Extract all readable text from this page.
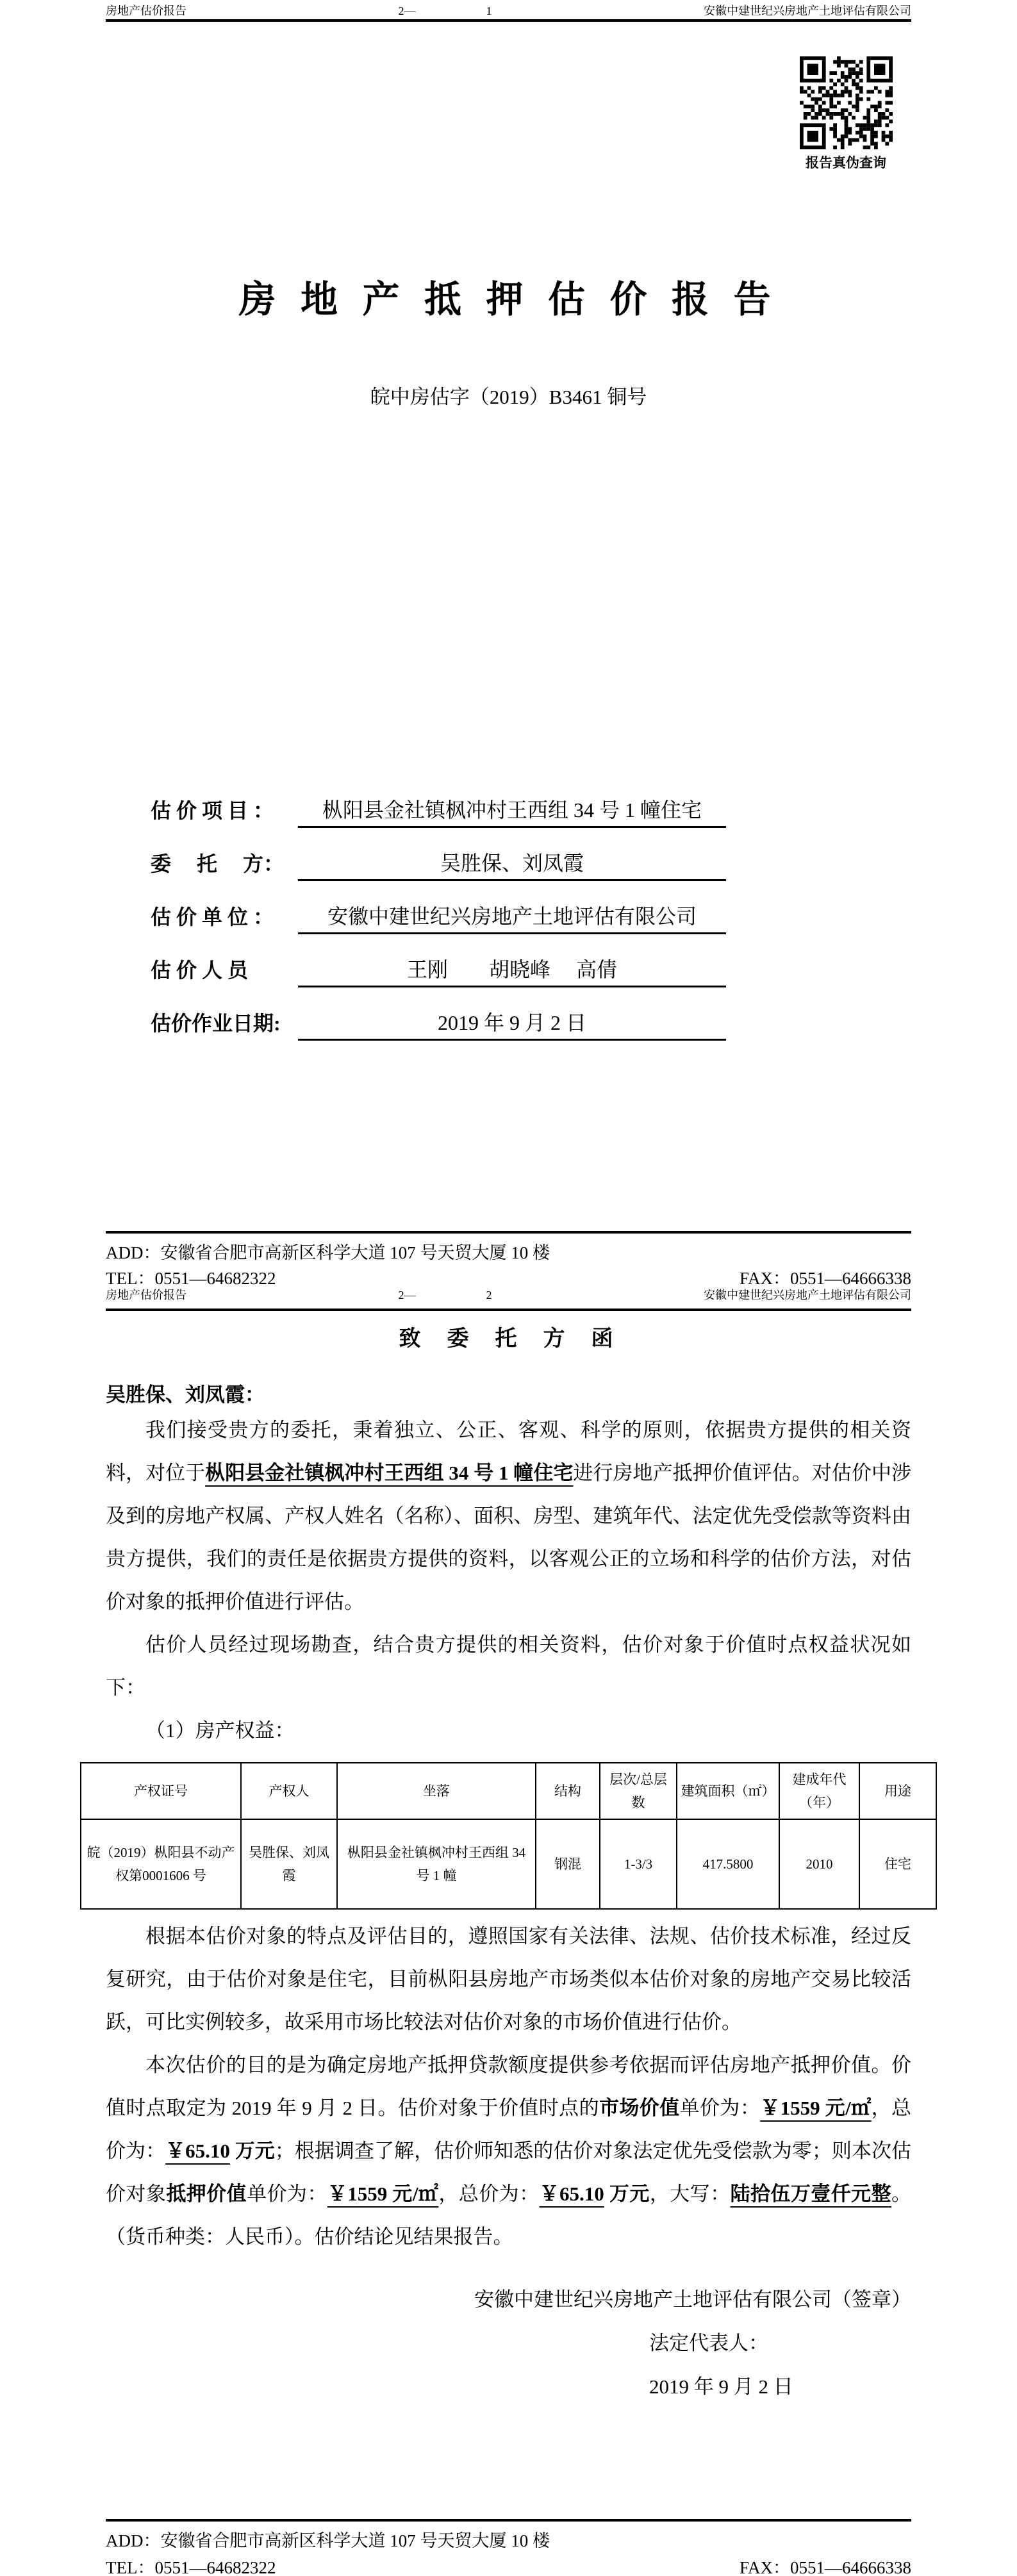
房地产估价报告	2—	1	安徽中建世纪兴房地产土地评估有限公司
报告真伪查询
房 地 产 抵 押 估 价 报 告
皖中房估字（2019）B3461 铜号
估 价 项 目 ：	枞阳县金社镇枫冲村王西组 34 号 1 幢住宅
委　 托 　方：	吴胜保、刘凤霞
估 价 单 位 ：	安徽中建世纪兴房地产土地评估有限公司
估 价 人 员	王刚　　胡晓峰　 高倩
估价作业日期:	2019 年 9 月 2 日
ADD：安徽省合肥市高新区科学大道 107 号天贸大厦 10 楼
TEL：0551—64682322	FAX：0551—64666338
房地产估价报告	2—	2	安徽中建世纪兴房地产土地评估有限公司
致  委  托  方  函
吴胜保、刘凤霞：

我们接受贵方的委托，秉着独立、公正、客观、科学的原则，依据贵方提供的相关资料，对位于枞阳县金社镇枫冲村王西组 34 号 1 幢住宅进行房地产抵押价值评估。对估价中涉及到的房地产权属、产权人姓名（名称）、面积、房型、建筑年代、法定优先受偿款等资料由贵方提供，我们的责任是依据贵方提供的资料，以客观公正的立场和科学的估价方法，对估价对象的抵押价值进行评估。

估价人员经过现场勘查，结合贵方提供的相关资料，估价对象于价值时点权益状况如下：

（1）房产权益：

产权证号	产权人	坐落	结构	层次/总层数	建筑面积（㎡）	建成年代（年）	用途
皖（2019）枞阳县不动产权第0001606 号	吴胜保、刘凤霞	枞阳县金社镇枫冲村王西组 34 号 1 幢	钢混	1-3/3	417.5800	2010	住宅

根据本估价对象的特点及评估目的，遵照国家有关法律、法规、估价技术标准，经过反复研究，由于估价对象是住宅，目前枞阳县房地产市场类似本估价对象的房地产交易比较活跃，可比实例较多，故采用市场比较法对估价对象的市场价值进行估价。

本次估价的目的是为确定房地产抵押贷款额度提供参考依据而评估房地产抵押价值。价值时点取定为 2019 年 9 月 2 日。估价对象于价值时点的市场价值单价为：￥1559 元/㎡，总价为：￥65.10 万元；根据调查了解，估价师知悉的估价对象法定优先受偿款为零；则本次估价对象抵押价值单价为：￥1559 元/㎡，总价为：￥65.10 万元，大写：陆拾伍万壹仟元整。（货币种类：人民币）。估价结论见结果报告。

安徽中建世纪兴房地产土地评估有限公司（签章）
法定代表人：
2019 年 9 月 2 日
ADD：安徽省合肥市高新区科学大道 107 号天贸大厦 10 楼
TEL：0551—64682322	FAX：0551—64666338
